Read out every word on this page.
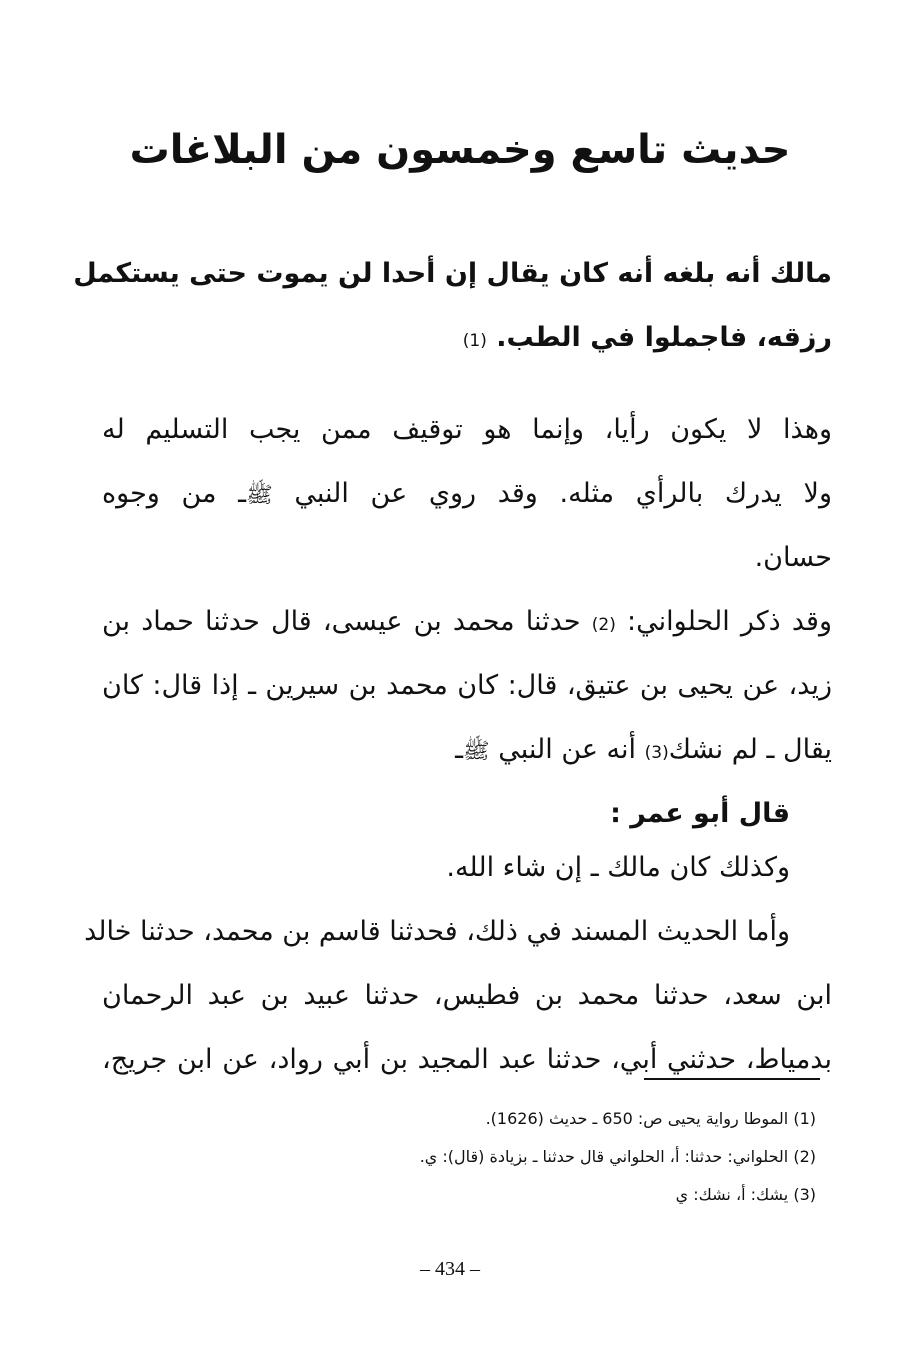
حديث تاسع وخمسون من البلاغات
مالك أنه بلغه أنه كان يقال إن أحدا لن يموت حتى يستكمل
رزقه، فاجملوا في الطب. (1)
وهذا لا يكون رأيا، وإنما هو توقيف ممن يجب التسليم له
ولا يدرك بالرأي مثله. وقد روي عن النبي ﷺـ من وجوه
حسان.
وقد ذكر الحلواني: (2) حدثنا محمد بن عيسى، قال حدثنا حماد بن
زيد، عن يحيى بن عتيق، قال: كان محمد بن سيرين ـ إذا قال: كان
يقال ـ لم نشك(3) أنه عن النبي ﷺـ
قال أبو عمر :
وكذلك كان مالك ـ إن شاء الله.
وأما الحديث المسند في ذلك، فحدثنا قاسم بن محمد، حدثنا خالد
ابن سعد، حدثنا محمد بن فطيس، حدثنا عبيد بن عبد الرحمان
بدمياط، حدثني أبي، حدثنا عبد المجيد بن أبي رواد، عن ابن جريج،
(1) الموطا رواية يحيى ص: 650 ـ حديث (1626).
(2) الحلواني: حدثنا: أ، الحلواني قال حدثنا ـ بزيادة (قال): ي.
(3) يشك: أ، نشك: ي
– 434 –
